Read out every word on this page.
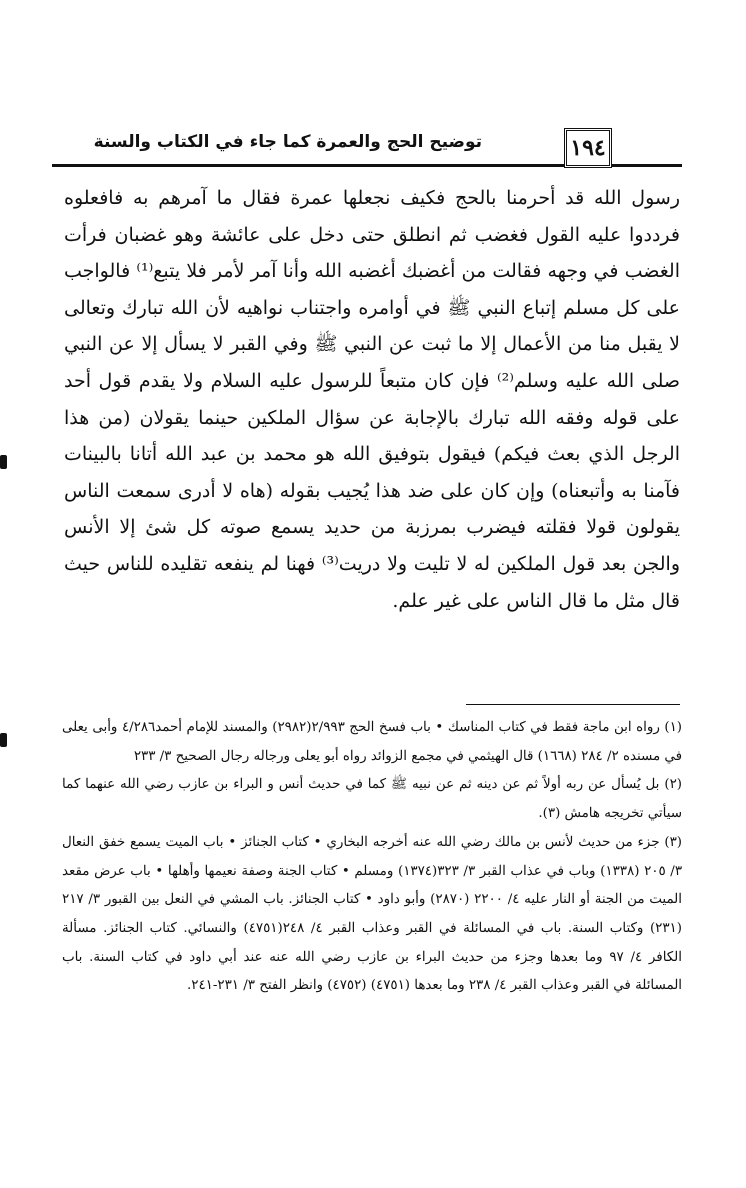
١٩٤
توضيح الحج والعمرة كما جاء في الكتاب والسنة

رسول الله قد أحرمنا بالحج فكيف نجعلها عمرة فقال ما آمرهم به فافعلوه فرددوا عليه القول فغضب ثم انطلق حتى دخل على عائشة وهو غضبان فرأت الغضب في وجهه فقالت من أغضبك أغضبه الله وأنا آمر لأمر فلا يتبع⁽¹⁾ فالواجب على كل مسلم إتباع النبي ﷺ في أوامره واجتناب نواهيه لأن الله تبارك وتعالى لا يقبل منا من الأعمال إلا ما ثبت عن النبي ﷺ وفي القبر لا يسأل إلا عن النبي صلى الله عليه وسلم⁽²⁾ فإن كان متبعاً للرسول عليه السلام ولا يقدم قول أحد على قوله وفقه الله تبارك بالإجابة عن سؤال الملكين حينما يقولان (من هذا الرجل الذي بعث فيكم) فيقول بتوفيق الله هو محمد بن عبد الله أتانا بالبينات فآمنا به وأتبعناه) وإن كان على ضد هذا يُجيب بقوله (هاه لا أدرى سمعت الناس يقولون قولا فقلته فيضرب بمرزبة من حديد يسمع صوته كل شئ إلا الأنس والجن بعد قول الملكين له لا تليت ولا دريت⁽³⁾ فهنا لم ينفعه تقليده للناس حيث قال مثل ما قال الناس على غير علم.

(١) رواه ابن ماجة فقط في كتاب المناسك • باب فسخ الحج ٢/٩٩٣(٢٩٨٢) والمسند للإمام أحمد٤/٢٨٦ وأبى يعلى في مسنده ٢/ ٢٨٤ (١٦٦٨) قال الهيثمي في مجمع الزوائد رواه أبو يعلى ورجاله رجال الصحيح ٣/ ٢٣٣

(٢) بل يُسأل عن ربه أولاً ثم عن دينه ثم عن نبيه ﷺ كما في حديث أنس و البراء بن عازب رضي الله عنهما كما سيأتي تخريجه هامش (٣).

(٣) جزء من حديث لأنس بن مالك رضي الله عنه أخرجه البخاري • كتاب الجنائز • باب الميت يسمع خفق النعال ٣/ ٢٠٥ (١٣٣٨) وباب في عذاب القبر ٣/ ٣٢٣(١٣٧٤) ومسلم • كتاب الجنة وصفة نعيمها وأهلها • باب عرض مقعد الميت من الجنة أو النار عليه ٤/ ٢٢٠٠ (٢٨٧٠) وأبو داود • كتاب الجنائز. باب المشي في النعل بين القبور ٣/ ٢١٧ (٢٣١) وكتاب السنة. باب في المسائلة في القبر وعذاب القبر ٤/ ٢٤٨(٤٧٥١) والنسائي. كتاب الجنائز. مسألة الكافر ٤/ ٩٧ وما بعدها وجزء من حديث البراء بن عازب رضي الله عنه عند أبي داود في كتاب السنة. باب المسائلة في القبر وعذاب القبر ٤/ ٢٣٨ وما بعدها (٤٧٥١) (٤٧٥٢) وانظر الفتح ٣/ ٢٣١-٢٤١.
